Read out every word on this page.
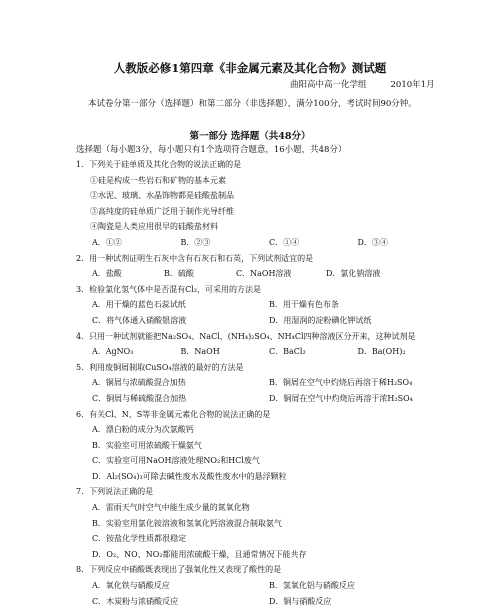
人教版必修1第四章《非金属元素及其化合物》测试题
曲阳高中高一化学组	2010年1月
本试卷分第一部分（选择题）和第二部分（非选择题），满分100分，考试时间90分钟。
第一部分 选择题（共48分）
选择题（每小题3分，每小题只有1个选项符合题意，16小题，共48分）
1．下列关于硅单质及其化合物的说法正确的是
①硅是构成一些岩石和矿物的基本元素
②水泥、玻璃、水晶饰物都是硅酸盐制品
③高纯度的硅单质广泛用于制作光导纤维
④陶瓷是人类应用很早的硅酸盐材料
A．①②	B．②③	C．①④	D．③④
2．用一种试剂证明生石灰中含有石灰石和石英，下列试剂适宜的是
A．盐酸	B．硫酸	C．NaOH溶液	D．氯化钠溶液
3．检验氯化氢气体中是否混有Cl₂，可采用的方法是
A．用干燥的蓝色石蕊试纸	B．用干燥有色布条
C．将气体通入硝酸银溶液	D．用湿润的淀粉碘化钾试纸
4．只用一种试剂就能把Na₂SO₄、NaCl、(NH₄)₂SO₄、NH₄Cl四种溶液区分开来，这种试剂是
A．AgNO₃	B．NaOH	C．BaCl₂	D．Ba(OH)₂
5．利用废铜屑制取CuSO₄溶液的最好的方法是
A．铜屑与浓硫酸混合加热	B．铜屑在空气中灼烧后再溶于稀H₂SO₄
C．铜屑与稀硫酸混合加热	D．铜屑在空气中灼烧后再溶于浓H₂SO₄
6．有关Cl、N、S等非金属元素化合物的说法正确的是
A．漂白粉的成分为次氯酸钙
B．实验室可用浓硫酸干燥氨气
C．实验室可用NaOH溶液处理NO₂和HCl废气
D．Al₂(SO₄)₃可除去碱性废水及酸性废水中的悬浮颗粒
7．下列说法正确的是
A．雷雨天气时空气中能生成少量的氮氧化物
B．实验室用氯化铵溶液和氢氧化钙溶液混合制取氨气
C．铵盐化学性质都很稳定
D．O₂、NO、NO₂都能用浓硫酸干燥，且通常情况下能共存
8．下列反应中硝酸既表现出了强氧化性又表现了酸性的是
A．氧化铁与硝酸反应	B．氢氧化铝与硝酸反应
C．木炭粉与浓硝酸反应	D．铜与硝酸反应
